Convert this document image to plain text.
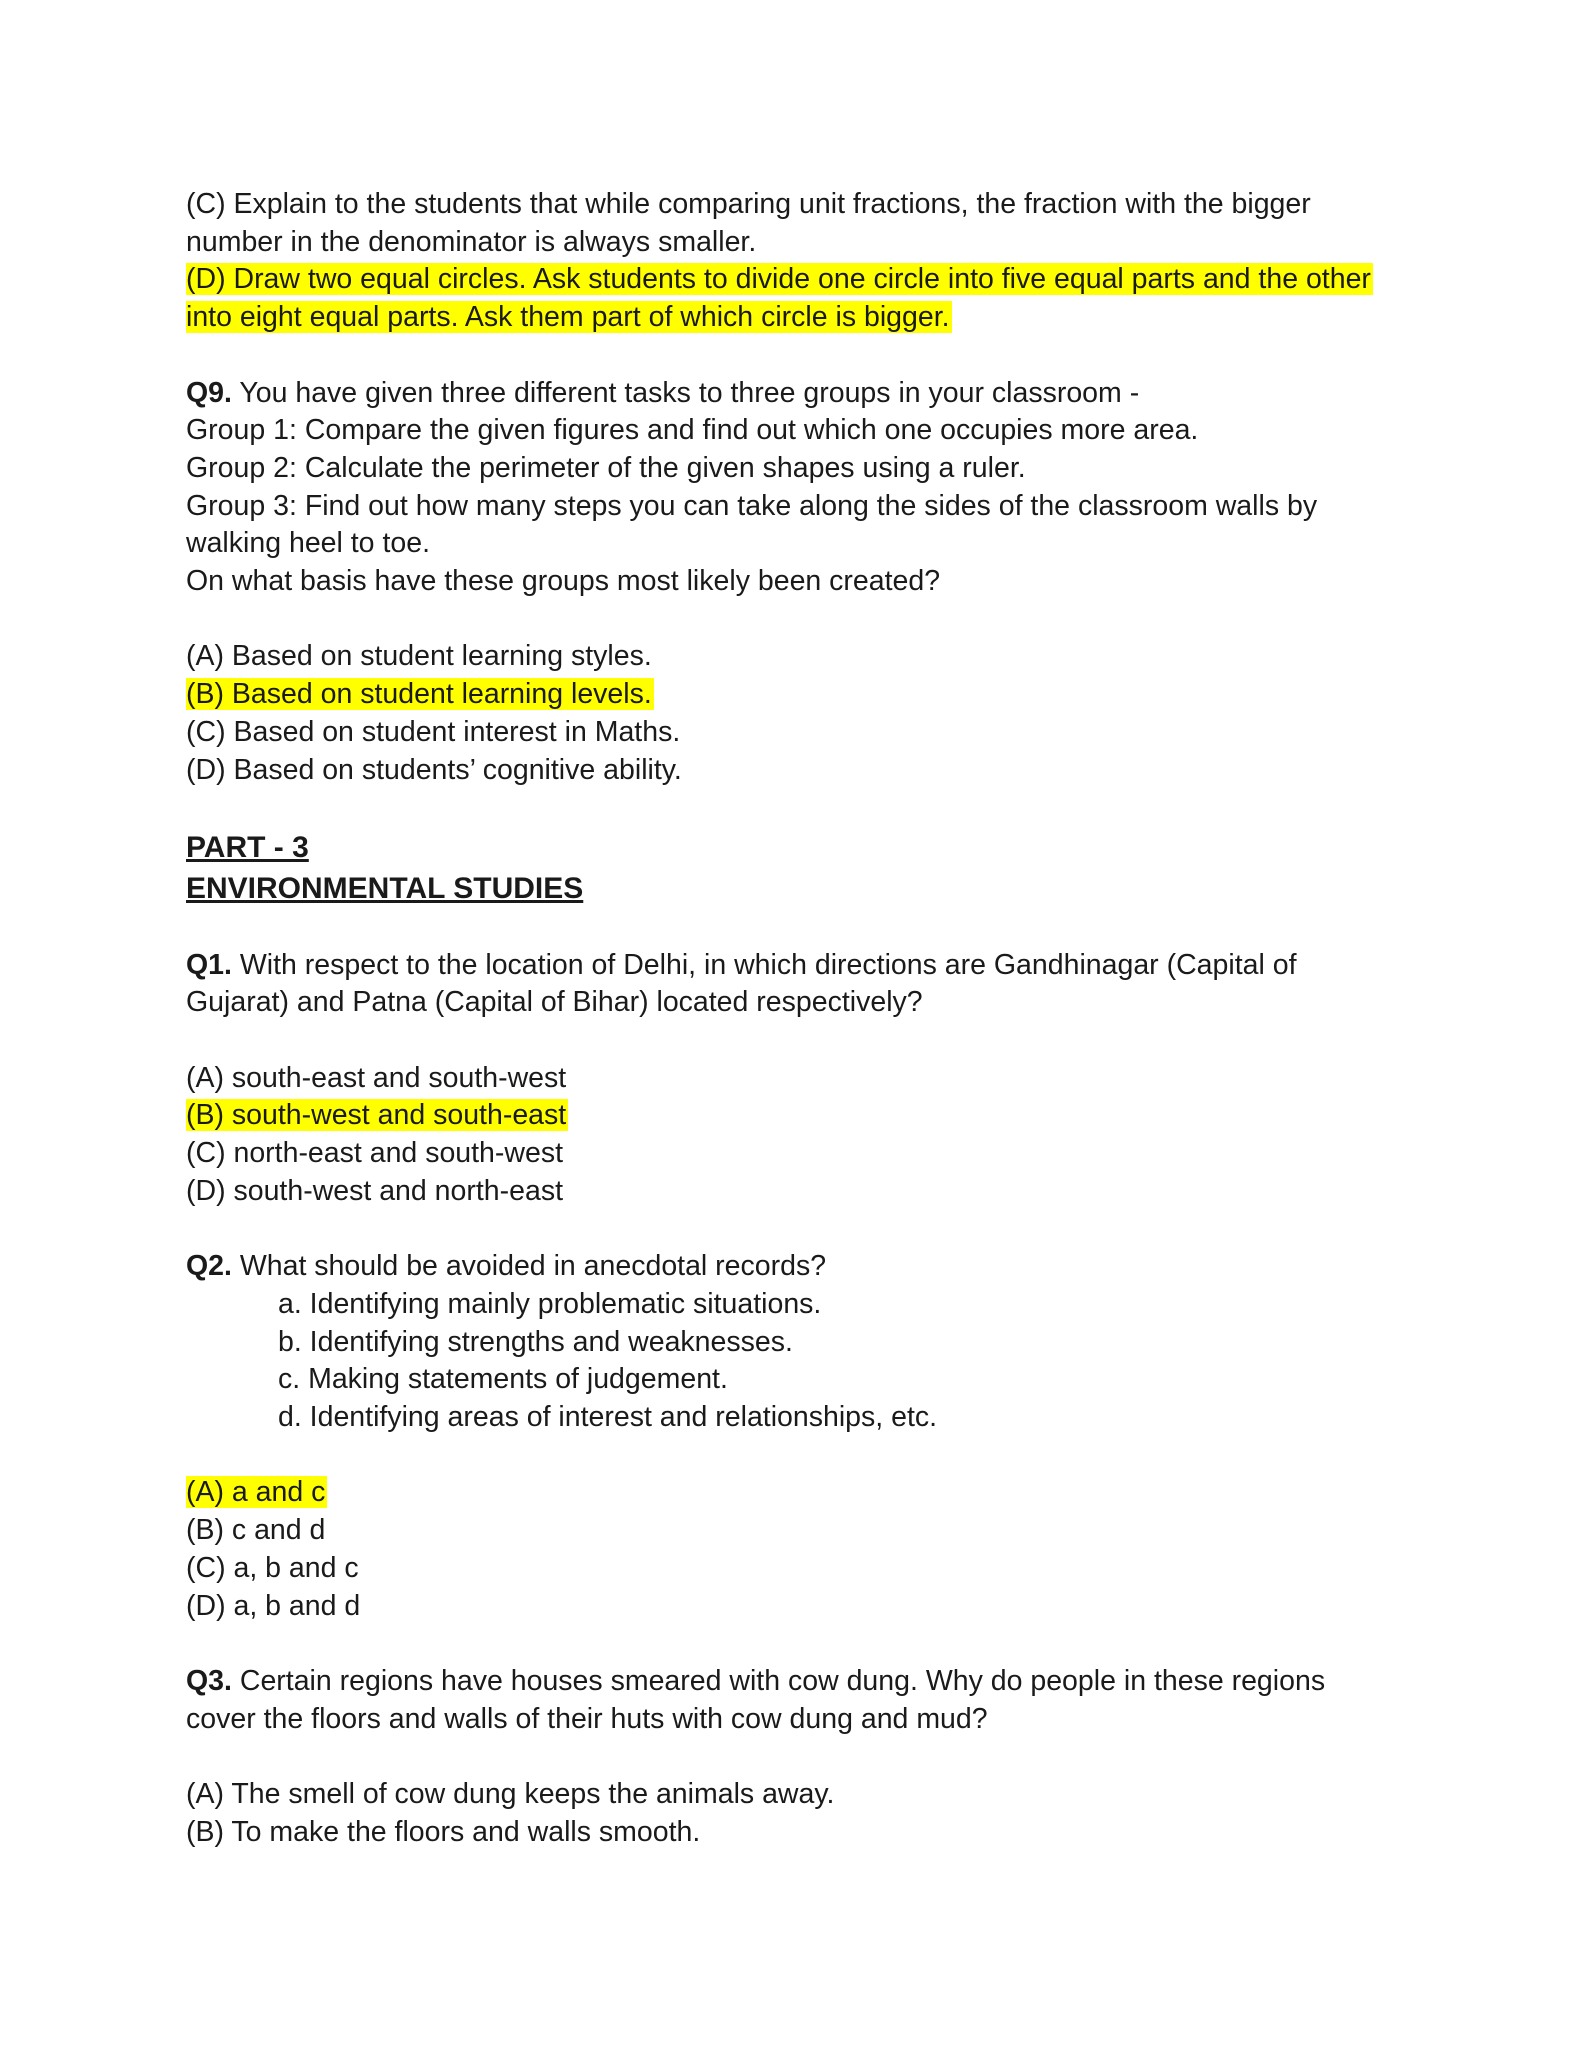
(C) Explain to the students that while comparing unit fractions, the fraction with the bigger
number in the denominator is always smaller.
(D) Draw two equal circles. Ask students to divide one circle into five equal parts and the other
into eight equal parts. Ask them part of which circle is bigger.
Q9. You have given three different tasks to three groups in your classroom -
Group 1: Compare the given figures and find out which one occupies more area.
Group 2: Calculate the perimeter of the given shapes using a ruler.
Group 3: Find out how many steps you can take along the sides of the classroom walls by
walking heel to toe.
On what basis have these groups most likely been created?
(A) Based on student learning styles.
(B) Based on student learning levels.
(C) Based on student interest in Maths.
(D) Based on students’ cognitive ability.
PART - 3
ENVIRONMENTAL STUDIES
Q1. With respect to the location of Delhi, in which directions are Gandhinagar (Capital of
Gujarat) and Patna (Capital of Bihar) located respectively?
(A) south-east and south-west
(B) south-west and south-east
(C) north-east and south-west
(D) south-west and north-east
Q2. What should be avoided in anecdotal records?
a. Identifying mainly problematic situations.
b. Identifying strengths and weaknesses.
c. Making statements of judgement.
d. Identifying areas of interest and relationships, etc.
(A) a and c
(B) c and d
(C) a, b and c
(D) a, b and d
Q3. Certain regions have houses smeared with cow dung. Why do people in these regions
cover the floors and walls of their huts with cow dung and mud?
(A) The smell of cow dung keeps the animals away.
(B) To make the floors and walls smooth.
